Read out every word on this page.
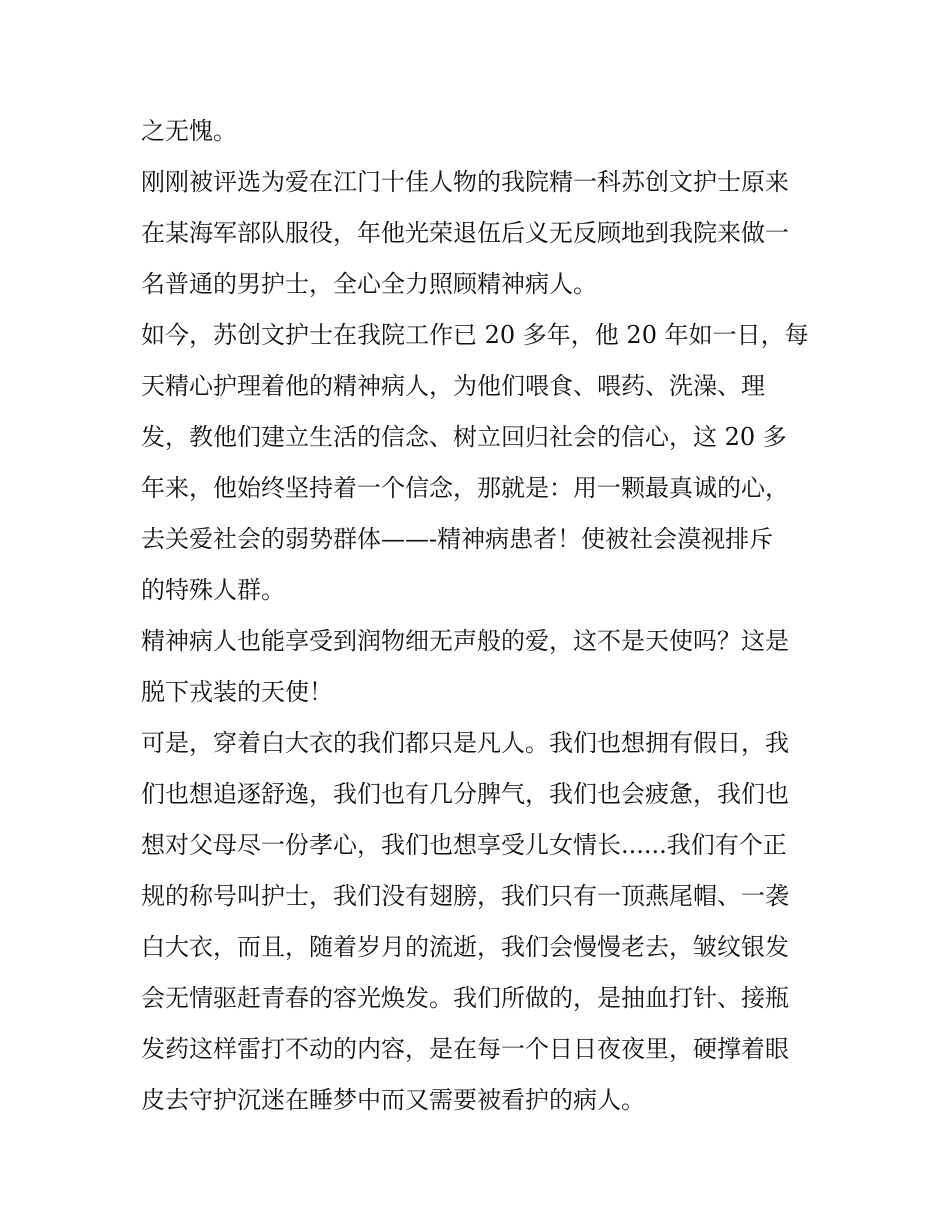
之无愧。
刚刚被评选为爱在江门十佳人物的我院精一科苏创文护士原来
在某海军部队服役，年他光荣退伍后义无反顾地到我院来做一
名普通的男护士，全心全力照顾精神病人。
如今，苏创文护士在我院工作已 20 多年，他 20 年如一日，每
天精心护理着他的精神病人，为他们喂食、喂药、洗澡、理
发，教他们建立生活的信念、树立回归社会的信心，这 20 多
年来，他始终坚持着一个信念，那就是：用一颗最真诚的心，
去关爱社会的弱势群体——-精神病患者！使被社会漠视排斥
的特殊人群。
精神病人也能享受到润物细无声般的爱，这不是天使吗？这是
脱下戎装的天使！
可是，穿着白大衣的我们都只是凡人。我们也想拥有假日，我
们也想追逐舒逸，我们也有几分脾气，我们也会疲惫，我们也
想对父母尽一份孝心，我们也想享受儿女情长......我们有个正
规的称号叫护士，我们没有翅膀，我们只有一顶燕尾帽、一袭
白大衣，而且，随着岁月的流逝，我们会慢慢老去，皱纹银发
会无情驱赶青春的容光焕发。我们所做的，是抽血打针、接瓶
发药这样雷打不动的内容，是在每一个日日夜夜里，硬撑着眼
皮去守护沉迷在睡梦中而又需要被看护的病人。
